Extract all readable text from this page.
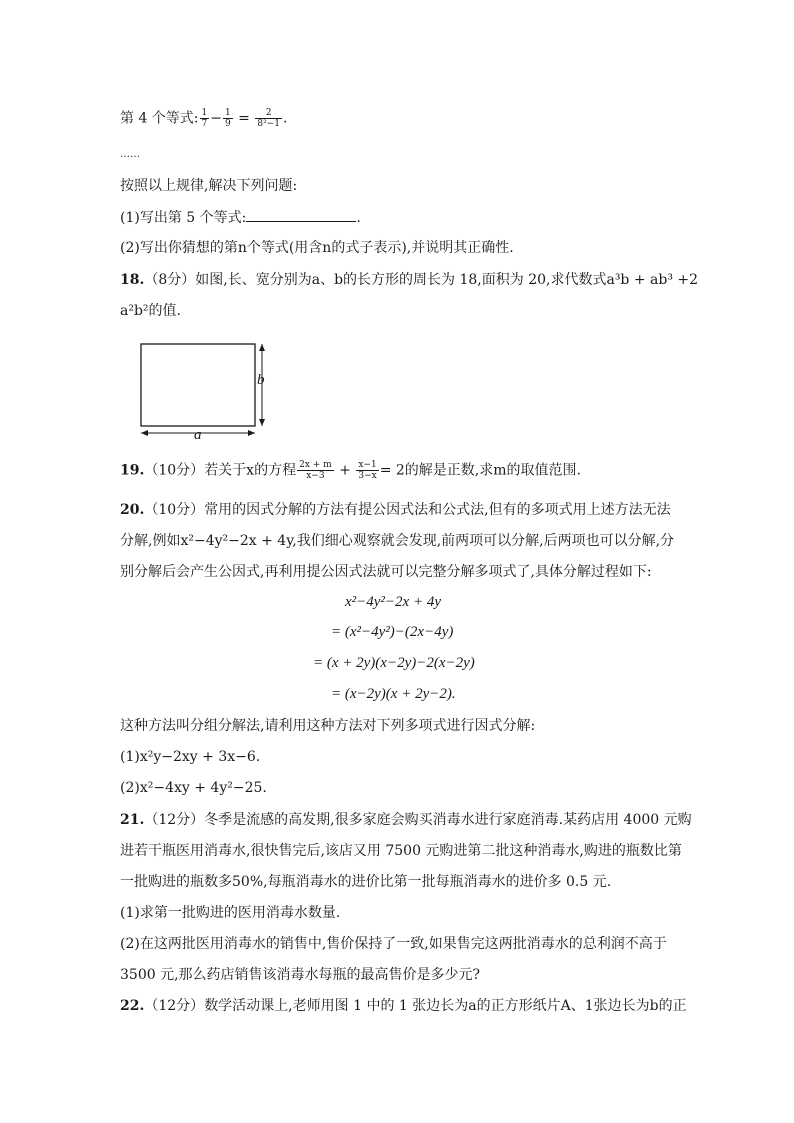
第 4 个等式: $\frac{1}{7} - \frac{1}{9} = \frac{2}{\text{8²−1}}$ .
……
按照以上规律,解决下列问题:
(1)写出第 5 个等式:	.
(2)写出你猜想的第n个等式(用含n的式子表示),并说明其正确性.
18.（8分）如图,长、宽分别为a、b的长方形的周长为 18,面积为 20,求代数式a³b + ab³ +2
a²b²的值.
b
a
19.（10分）若关于x的方程 $\frac{2x + m}{x-3} + \frac{x-1}{3-x} = 2$的解是正数,求m的取值范围.
20.（10分）常用的因式分解的方法有提公因式法和公式法,但有的多项式用上述方法无法
分解,例如x²−4y²−2x + 4y,我们细心观察就会发现,前两项可以分解,后两项也可以分解,分
别分解后会产生公因式,再利用提公因式法就可以完整分解多项式了,具体分解过程如下:
x²−4y²−2x + 4y
= (x²−4y²)−(2x−4y)
= (x + 2y)(x−2y)−2(x−2y)
= (x−2y)(x + 2y−2).
这种方法叫分组分解法,请利用这种方法对下列多项式进行因式分解:
(1)x²y−2xy + 3x−6.
(2)x²−4xy + 4y²−25.
21.（12分）冬季是流感的高发期,很多家庭会购买消毒水进行家庭消毒.某药店用 4000 元购
进若干瓶医用消毒水,很快售完后,该店又用 7500 元购进第二批这种消毒水,购进的瓶数比第
一批购进的瓶数多50%,每瓶消毒水的进价比第一批每瓶消毒水的进价多 0.5 元.
(1)求第一批购进的医用消毒水数量.
(2)在这两批医用消毒水的销售中,售价保持了一致,如果售完这两批消毒水的总利润不高于
3500 元,那么药店销售该消毒水每瓶的最高售价是多少元?
22.（12分）数学活动课上,老师用图 1 中的 1 张边长为a的正方形纸片A、1张边长为b的正
